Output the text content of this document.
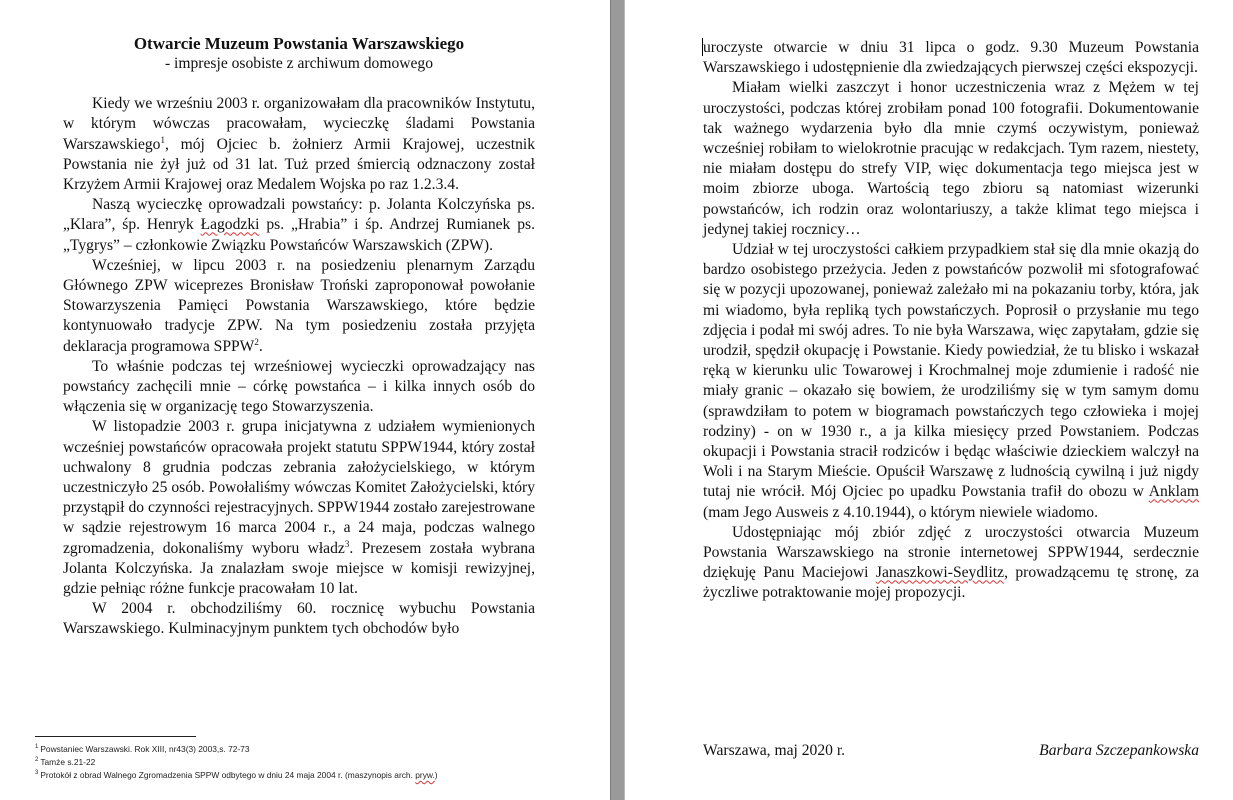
Otwarcie Muzeum Powstania Warszawskiego

- impresje osobiste z archiwum domowego

Kiedy we wrześniu 2003 r. organizowałam dla pracowników Instytutu, w którym wówczas pracowałam, wycieczkę śladami Powstania Warszawskiego$^1$, mój Ojciec b. żołnierz Armii Krajowej, uczestnik Powstania nie żył już od 31 lat. Tuż przed śmiercią odznaczony został Krzyżem Armii Krajowej oraz Medalem Wojska po raz 1.2.3.4.

Naszą wycieczkę oprowadzali powstańcy: p. Jolanta Kolczyńska ps. „Klara”, śp. Henryk Łagodzki ps. „Hrabia” i śp. Andrzej Rumianek ps. „Tygrys” – członkowie Związku Powstańców Warszawskich (ZPW).

Wcześniej, w lipcu 2003 r. na posiedzeniu plenarnym Zarządu Głównego ZPW wiceprezes Bronisław Troński zaproponował powołanie Stowarzyszenia Pamięci Powstania Warszawskiego, które będzie kontynuowało tradycje ZPW. Na tym posiedzeniu została przyjęta deklaracja programowa SPPW$^2$.

To właśnie podczas tej wrześniowej wycieczki oprowadzający nas powstańcy zachęcili mnie – córkę powstańca – i kilka innych osób do włączenia się w organizację tego Stowarzyszenia.

W listopadzie 2003 r. grupa inicjatywna z udziałem wymienionych wcześniej powstańców opracowała projekt statutu SPPW1944, który został uchwalony 8 grudnia podczas zebrania założycielskiego, w którym uczestniczyło 25 osób. Powołaliśmy wówczas Komitet Założycielski, który przystąpił do czynności rejestracyjnych. SPPW1944 zostało zarejestrowane w sądzie rejestrowym 16 marca 2004 r., a 24 maja, podczas walnego zgromadzenia, dokonaliśmy wyboru władz$^3$. Prezesem została wybrana Jolanta Kolczyńska. Ja znalazłam swoje miejsce w komisji rewizyjnej, gdzie pełniąc różne funkcje pracowałam 10 lat.

W 2004 r. obchodziliśmy 60. rocznicę wybuchu Powstania Warszawskiego. Kulminacyjnym punktem tych obchodów było

$^1$ Powstaniec Warszawski. Rok XIII, nr43(3) 2003,s. 72-73
$^2$ Tamże s.21-22
$^3$ Protokół z obrad Walnego Zgromadzenia SPPW odbytego w dniu 24 maja 2004 r. (maszynopis arch. pryw.)

uroczyste otwarcie w dniu 31 lipca o godz. 9.30 Muzeum Powstania Warszawskiego i udostępnienie dla zwiedzających pierwszej części ekspozycji.

Miałam wielki zaszczyt i honor uczestniczenia wraz z Mężem w tej uroczystości, podczas której zrobiłam ponad 100 fotografii. Dokumentowanie tak ważnego wydarzenia było dla mnie czymś oczywistym, ponieważ wcześniej robiłam to wielokrotnie pracując w redakcjach. Tym razem, niestety, nie miałam dostępu do strefy VIP, więc dokumentacja tego miejsca jest w moim zbiorze uboga. Wartością tego zbioru są natomiast wizerunki powstańców, ich rodzin oraz wolontariuszy, a także klimat tego miejsca i jedynej takiej rocznicy…

Udział w tej uroczystości całkiem przypadkiem stał się dla mnie okazją do bardzo osobistego przeżycia. Jeden z powstańców pozwolił mi sfotografować się w pozycji upozowanej, ponieważ zależało mi na pokazaniu torby, która, jak mi wiadomo, była repliką tych powstańczych. Poprosił o przysłanie mu tego zdjęcia i podał mi swój adres. To nie była Warszawa, więc zapytałam, gdzie się urodził, spędził okupację i Powstanie. Kiedy powiedział, że tu blisko i wskazał ręką w kierunku ulic Towarowej i Krochmalnej moje zdumienie i radość nie miały granic – okazało się bowiem, że urodziliśmy się w tym samym domu (sprawdziłam to potem w biogramach powstańczych tego człowieka i mojej rodziny) - on w 1930 r., a ja kilka miesięcy przed Powstaniem. Podczas okupacji i Powstania stracił rodziców i będąc właściwie dzieckiem walczył na Woli i na Starym Mieście. Opuścił Warszawę z ludnością cywilną i już nigdy tutaj nie wrócił. Mój Ojciec po upadku Powstania trafił do obozu w Anklam (mam Jego Ausweis z 4.10.1944), o którym niewiele wiadomo.

Udostępniając mój zbiór zdjęć z uroczystości otwarcia Muzeum Powstania Warszawskiego na stronie internetowej SPPW1944, serdecznie dziękuję Panu Maciejowi Janaszkowi-Seydlitz, prowadzącemu tę stronę, za życzliwe potraktowanie mojej propozycji.

Warszawa, maj 2020 r.	Barbara Szczepankowska
